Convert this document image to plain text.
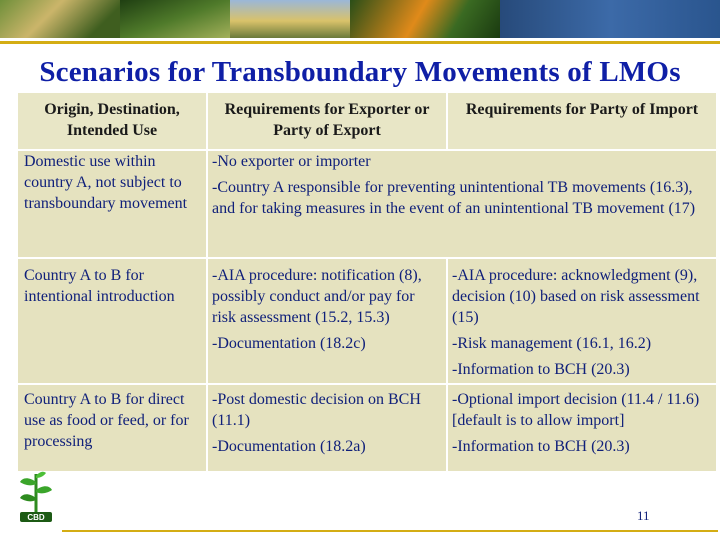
Scenarios for Transboundary Movements of LMOs
Origin, Destination, Intended Use
Requirements for Exporter or Party of Export
Requirements for Party of Import
Domestic use within country A, not subject to transboundary movement

-No exporter or importer

-Country A responsible for preventing unintentional TB movements (16.3), and for taking measures in the event of an unintentional TB movement (17)

Country A to B for intentional introduction

-AIA procedure: notification (8), possibly conduct and/or pay for risk assessment (15.2, 15.3)

-Documentation (18.2c)

-AIA procedure: acknowledgment (9), decision (10) based on risk assessment (15)

-Risk management (16.1, 16.2)

-Information to BCH (20.3)

Country A to B for direct use as food or feed, or for processing

-Post domestic decision on BCH (11.1)

-Documentation (18.2a)

-Optional import decision (11.4 / 11.6) [default is to allow import]

-Information to BCH (20.3)

CBD	11
